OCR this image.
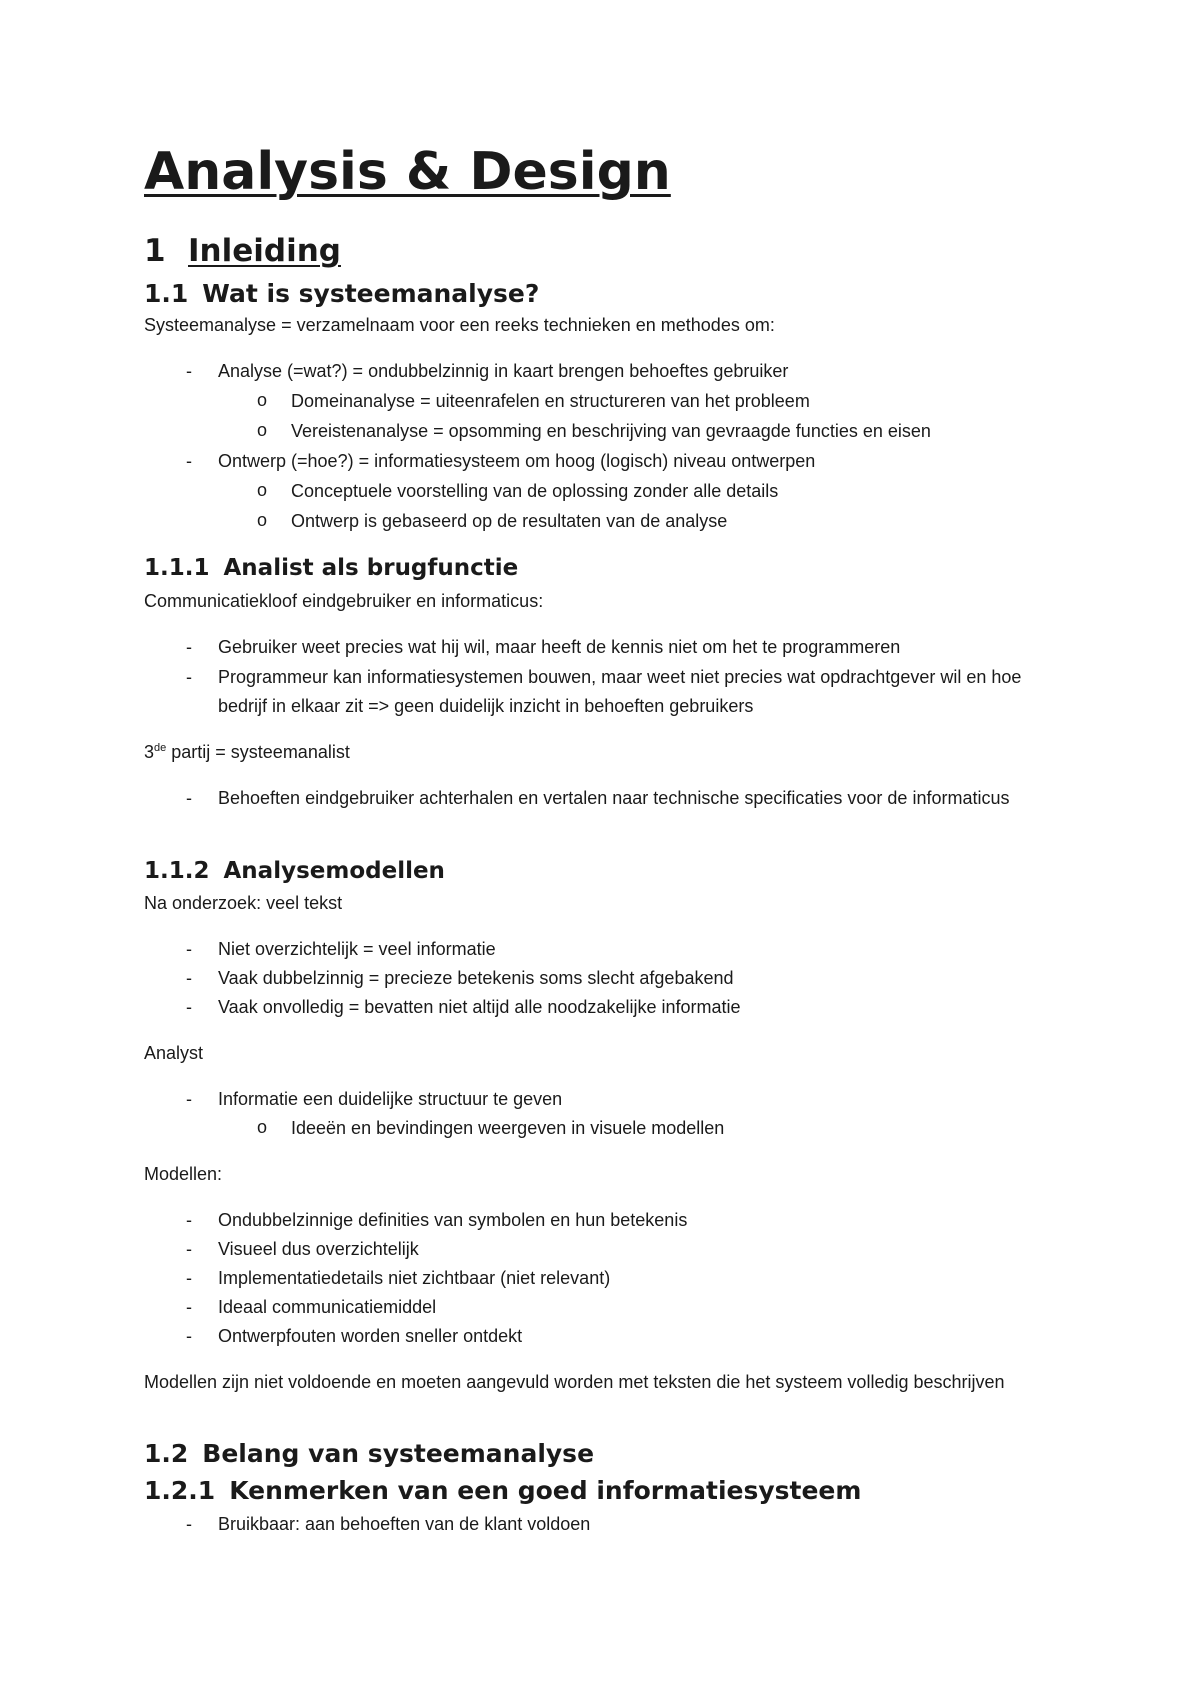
Analysis & Design
1 Inleiding
1.1 Wat is systeemanalyse?

Systeemanalyse = verzamelnaam voor een reeks technieken en methodes om:

- Analyse (=wat?) = ondubbelzinnig in kaart brengen behoeftes gebruiker

o Domeinanalyse = uiteenrafelen en structureren van het probleem

o Vereistenanalyse = opsomming en beschrijving van gevraagde functies en eisen

- Ontwerp (=hoe?) = informatiesysteem om hoog (logisch) niveau ontwerpen

o Conceptuele voorstelling van de oplossing zonder alle details

o Ontwerp is gebaseerd op de resultaten van de analyse

1.1.1 Analist als brugfunctie

Communicatiekloof eindgebruiker en informaticus:

- Gebruiker weet precies wat hij wil, maar heeft de kennis niet om het te programmeren

- Programmeur kan informatiesystemen bouwen, maar weet niet precies wat opdrachtgever wil en hoe bedrijf in elkaar zit => geen duidelijk inzicht in behoeften gebruikers

3de partij = systeemanalist

- Behoeften eindgebruiker achterhalen en vertalen naar technische specificaties voor de informaticus

1.1.2 Analysemodellen

Na onderzoek: veel tekst

- Niet overzichtelijk = veel informatie

- Vaak dubbelzinnig = precieze betekenis soms slecht afgebakend

- Vaak onvolledig = bevatten niet altijd alle noodzakelijke informatie

Analyst

- Informatie een duidelijke structuur te geven

o Ideeën en bevindingen weergeven in visuele modellen

Modellen:

- Ondubbelzinnige definities van symbolen en hun betekenis

- Visueel dus overzichtelijk

- Implementatiedetails niet zichtbaar (niet relevant)

- Ideaal communicatiemiddel

- Ontwerpfouten worden sneller ontdekt

Modellen zijn niet voldoende en moeten aangevuld worden met teksten die het systeem volledig beschrijven

1.2 Belang van systeemanalyse
1.2.1 Kenmerken van een goed informatiesysteem

- Bruikbaar: aan behoeften van de klant voldoen
